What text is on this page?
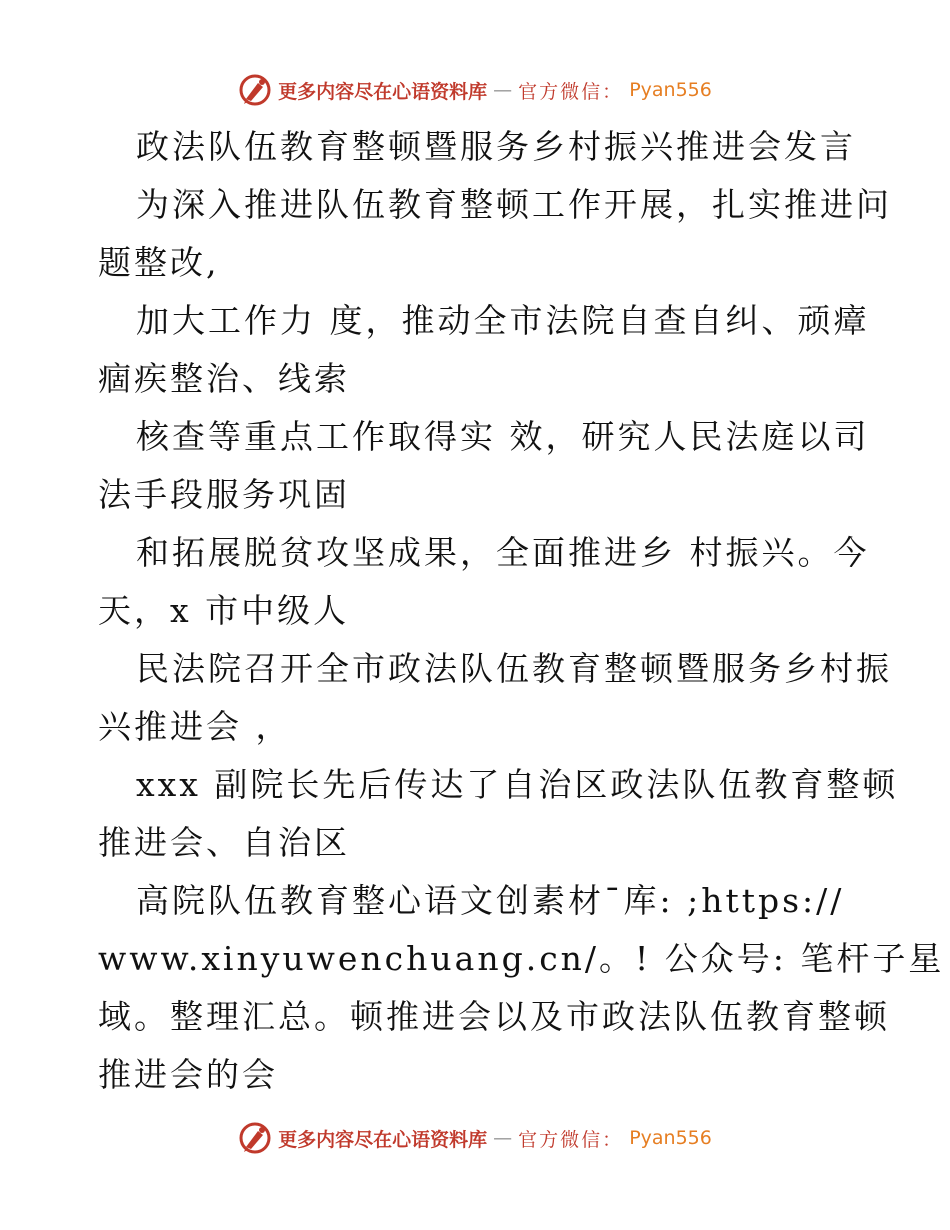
更多内容尽在心语资料库 — 官方微信： Pyan556
政法队伍教育整顿暨服务乡村振兴推进会发言
为深入推进队伍教育整顿工作开展，扎实推进问
题整改,
加大工作力 度，推动全市法院自查自纠、顽瘴
痼疾整治、线索
核查等重点工作取得实 效，研究人民法庭以司
法手段服务巩固
和拓展脱贫攻坚成果，全面推进乡 村振兴。今
天，x 市中级人
民法院召开全市政法队伍教育整顿暨服务乡村振
兴推进会 ，
xxx 副院长先后传达了自治区政法队伍教育整顿
推进会、自治区
高院队伍教育整心语文创素材¯库: ;https://
www.xinyuwenchuang.cn/。! 公众号: 笔杆子星
域。整理汇总。顿推进会以及市政法队伍教育整顿
推进会的会
更多内容尽在心语资料库 — 官方微信： Pyan556
